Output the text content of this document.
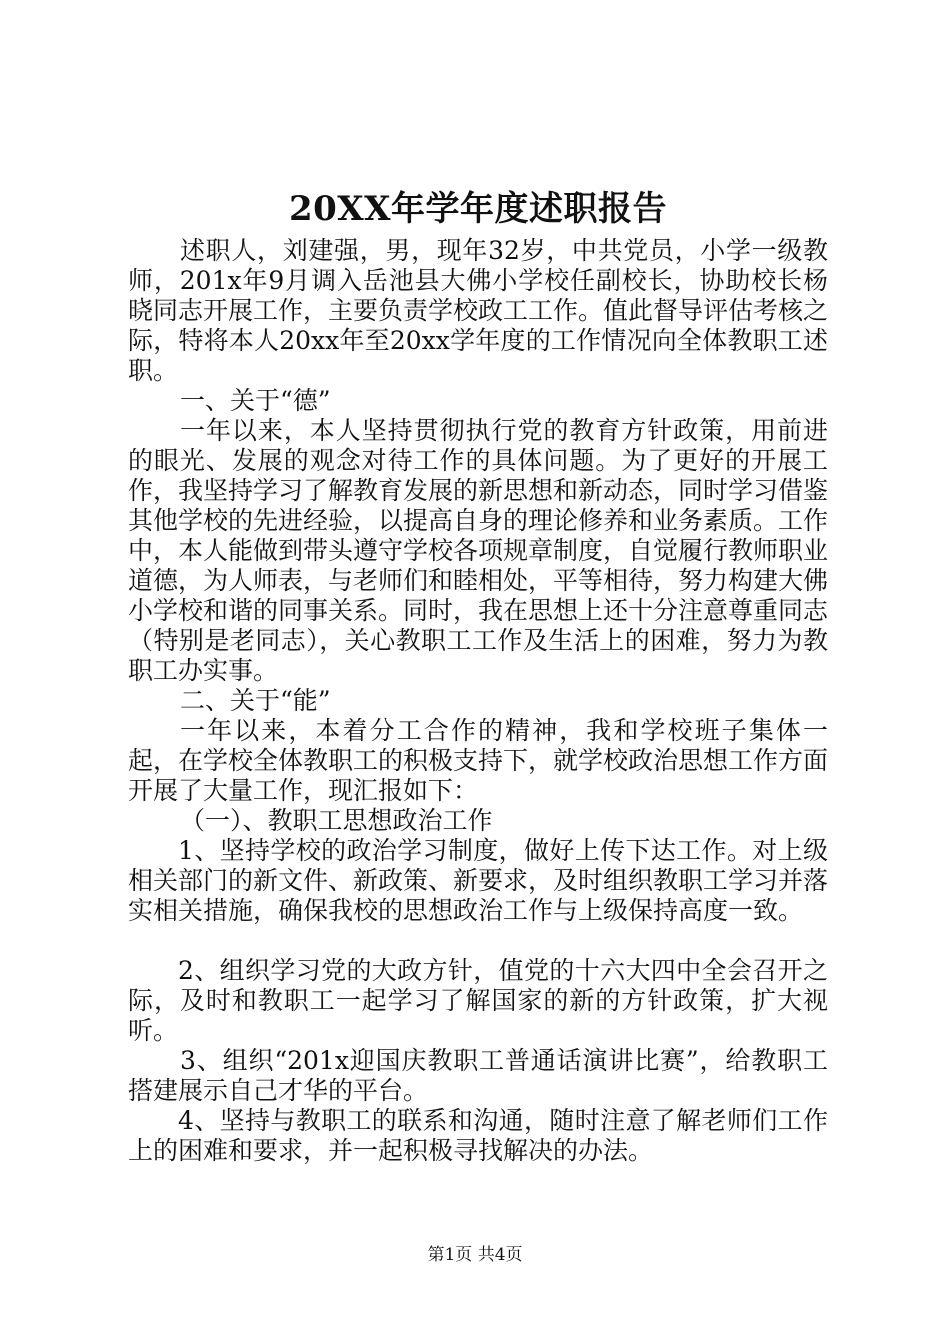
20XX年学年度述职报告

述职人，刘建强，男，现年32岁，中共党员，小学一级教师，201x年9月调入岳池县大佛小学校任副校长，协助校长杨晓同志开展工作，主要负责学校政工工作。值此督导评估考核之际，特将本人20xx年至20xx学年度的工作情况向全体教职工述职。

一、关于“德”

一年以来，本人坚持贯彻执行党的教育方针政策，用前进的眼光、发展的观念对待工作的具体问题。为了更好的开展工作，我坚持学习了解教育发展的新思想和新动态，同时学习借鉴其他学校的先进经验，以提高自身的理论修养和业务素质。工作中，本人能做到带头遵守学校各项规章制度，自觉履行教师职业道德，为人师表，与老师们和睦相处，平等相待，努力构建大佛小学校和谐的同事关系。同时，我在思想上还十分注意尊重同志（特别是老同志），关心教职工工作及生活上的困难，努力为教职工办实事。

二、关于“能”

一年以来，本着分工合作的精神，我和学校班子集体一起，在学校全体教职工的积极支持下，就学校政治思想工作方面开展了大量工作，现汇报如下：

（一）、教职工思想政治工作

1、坚持学校的政治学习制度，做好上传下达工作。对上级相关部门的新文件、新政策、新要求，及时组织教职工学习并落实相关措施，确保我校的思想政治工作与上级保持高度一致。

2、组织学习党的大政方针，值党的十六大四中全会召开之际，及时和教职工一起学习了解国家的新的方针政策，扩大视听。

3、组织“201x迎国庆教职工普通话演讲比赛”，给教职工搭建展示自己才华的平台。

4、坚持与教职工的联系和沟通，随时注意了解老师们工作上的困难和要求，并一起积极寻找解决的办法。

第1页 共4页
